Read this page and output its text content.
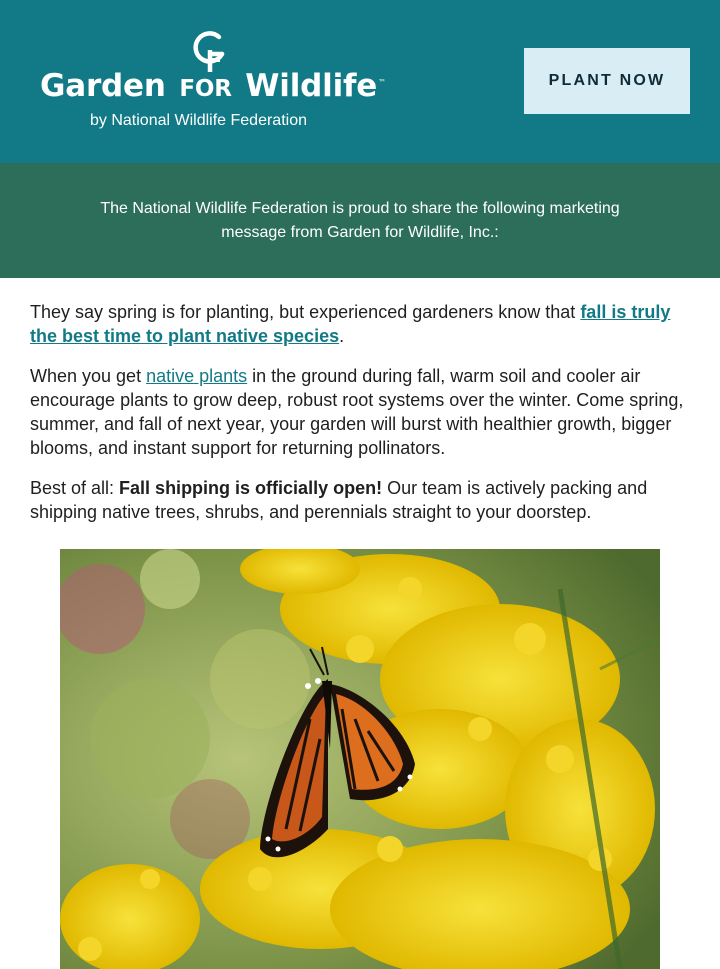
Garden FOR Wildlife™
by National Wildlife Federation
PLANT NOW
The National Wildlife Federation is proud to share the following marketing message from Garden for Wildlife, Inc.:

They say spring is for planting, but experienced gardeners know that fall is truly the best time to plant native species.

When you get native plants in the ground during fall, warm soil and cooler air encourage plants to grow deep, robust root systems over the winter. Come spring, summer, and fall of next year, your garden will burst with healthier growth, bigger blooms, and instant support for returning pollinators.

Best of all: Fall shipping is officially open! Our team is actively packing and shipping native trees, shrubs, and perennials straight to your doorstep.
